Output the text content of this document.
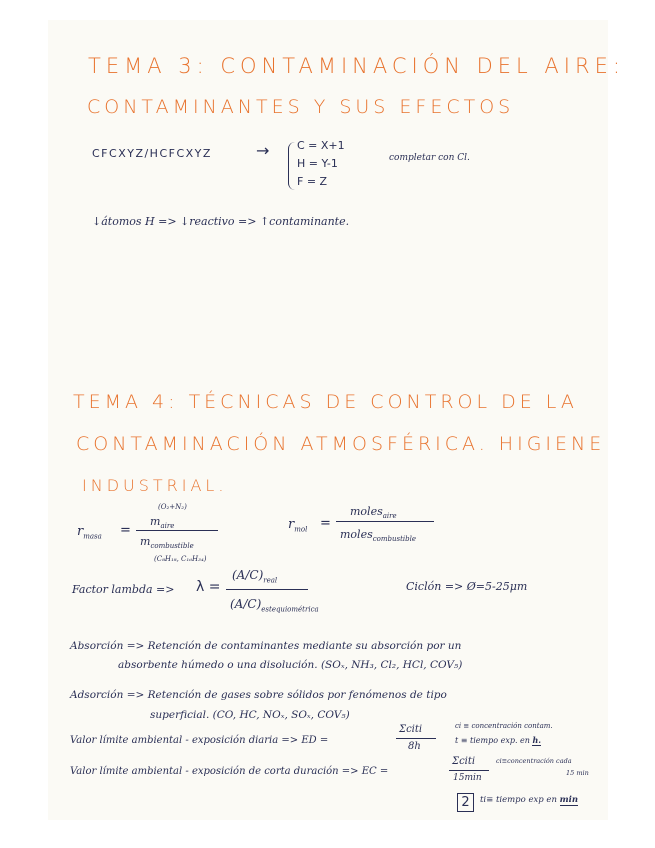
TEMA 3: CONTAMINACIÓN DEL AIRE:
CONTAMINANTES Y SUS EFECTOS
CFCXYZ/HCFCXYZ	→	C = X+1
H = Y-1
F = Z
completar con Cl.
↓átomos H => ↓reactivo => ↑contaminante.
TEMA 4: TÉCNICAS DE CONTROL DE LA
CONTAMINACIÓN ATMOSFÉRICA. HIGIENE
INDUSTRIAL.
$r_{masa}$ =
(O₂+N₂)
$m_{aire}$
$m_{combustible}$
(C₈H₁₈, C₁₆H₃₄)
$r_{mol}$ =
moles$_{aire}$
moles$_{combustible}$
Factor lambda => λ =
$(A/C)_{real}$
$(A/C)_{estequiométrica}$
Ciclón => Ø=5-25μm
Absorción => Retención de contaminantes mediante su absorción por un
absorbente húmedo o una disolución. (SOₓ, NH₃, Cl₂, HCl, COV₅)
Adsorción => Retención de gases sobre sólidos por fenómenos de tipo
superficial. (CO, HC, NOₓ, SOₓ, COV₅)
Valor límite ambiental - exposición diaria => ED =
Σciti
8h
ci ≡ concentración contam.
t ≡ tiempo exp. en h.
Valor límite ambiental - exposición de corta duración => EC =
Σciti
15min
ci≡concentración cada
15 min
2	ti≡ tiempo exp en min
